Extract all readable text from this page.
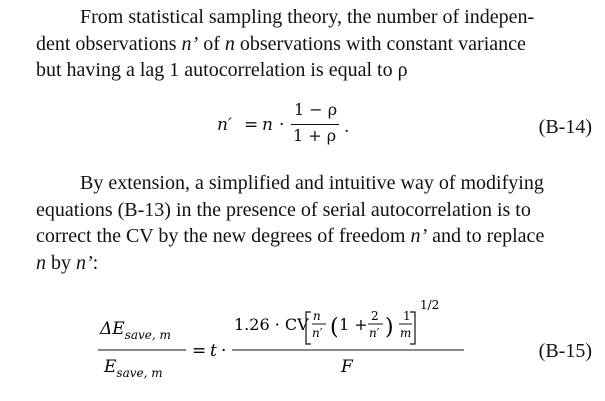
From statistical sampling theory, the number of indepen-
dent observations n’ of n observations with constant variance
but having a lag 1 autocorrelation is equal to ρ
n′ = n ·
1 − ρ
1 + ρ .	(B-14)
By extension, a simplified and intuitive way of modifying
equations (B-13) in the presence of serial autocorrelation is to
correct the CV by the new degrees of freedom n’ and to replace
n by n’:
$\Delta E_{save, m}$
$E_{save, m}$
= t ·
1.26 · CV n
n′ ( 1 + 2
n′ ) 1
m
1/2
F
(B-15)
